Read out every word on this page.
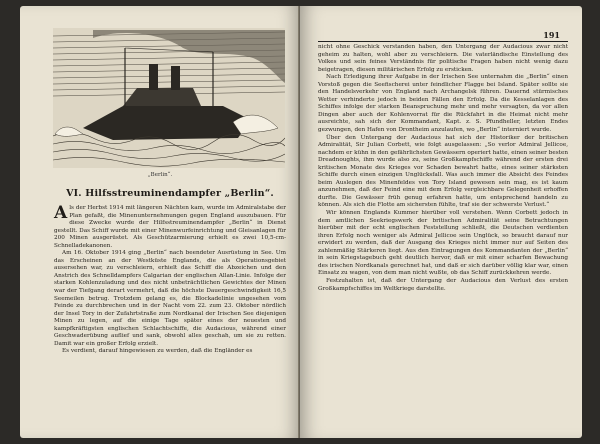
„Berlin“.
VI. Hilfsstreuminendampfer „Berlin“.

Als der Herbst 1914 mit längeren Nächten kam, wurde im Admiralstabe der Plan gefaßt, die Minenunternehmungen gegen England auszubauen. Für diese Zwecke wurde der Hilfsstreuminendampfer „Berlin“ in Dienst gestellt. Das Schiff wurde mit einer Minenwurfeinrichtung und Gleisanlagen für 200 Minen ausgerüstet. Als Geschützarmierung erhielt es zwei 10,5-cm-Schnelladekanonen.

Am 16. Oktober 1914 ging „Berlin“ nach beendeter Ausrüstung in See. Um das Erscheinen an der Westküste Englands, die als Operationsgebiet ausersehen war, zu verschleiern, erhielt das Schiff die Abzeichen und den Anstrich des Schnelldampfers Calgarian der englischen Allan-Linie. Infolge der starken Kohlenzuladung und des nicht unbeträchtlichen Gewichtes der Minen war der Tiefgang derart vermehrt, daß die höchste Dauergeschwindigkeit 16,5 Seemeilen betrug. Trotzdem gelang es, die Blockadelinie ungesehen vom Feinde zu durchbrechen und in der Nacht vom 22. zum 23. Oktober nördlich der Insel Tory in der Zufahrtstraße zum Nordkanal der Irischen See diejenigen Minen zu legen, auf die einige Tage später eines der neuesten und kampfkräftigsten englischen Schlachtschiffe, die Audacious, während einer Geschwaderübung auflief und sank, obwohl alles geschah, um sie zu retten. Damit war ein großer Erfolg erzielt.

Es verdient, darauf hingewiesen zu werden, daß die Engländer es

191

nicht ohne Geschick verstanden haben, den Untergang der Audacious zwar nicht geheim zu halten, wohl aber zu verschleiern. Die vaterländische Einstellung des Volkes und sein feines Verständnis für politische Fragen haben nicht wenig dazu beigetragen, diesen militärischen Erfolg zu ersticken.

Nach Erledigung ihrer Aufgabe in der Irischen See unternahm die „Berlin“ einen Vorstoß gegen die Seefischerei unter feindlicher Flagge bei Island. Später sollte sie den Handelsverkehr von England nach Archangelsk führen. Dauernd stürmisches Wetter verhinderte jedoch in beiden Fällen den Erfolg. Da die Kesselanlagen des Schiffes infolge der starken Beanspruchung mehr und mehr versagten, da vor allen Dingen aber auch der Kohlenvorrat für die Rückfahrt in die Heimat nicht mehr ausreichte, sah sich der Kommandant, Kapt. z. S. Pfundheller, letzten Endes gezwungen, den Hafen von Drontheim anzulaufen, wo „Berlin“ interniert wurde.

Über den Untergang der Audacious hat sich der Historiker der britischen Admiralität, Sir Julian Corbett, wie folgt ausgelassen: „So verlor Admiral Jellicoe, nachdem er kühn in den gefährlichsten Gewässern operiert hatte, einen seiner besten Dreadnoughts, ihm wurde also zu, seine Großkampfschiffe während der ersten drei kritischen Monate des Krieges vor Schaden bewahrt hatte, eines seiner stärksten Schiffe durch einen einzigen Unglücksfall. Was auch immer die Absicht des Feindes beim Auslegen des Minenfeldes von Tory Island gewesen sein mag, es ist kaum anzunehmen, daß der Feind eine mit dem Erfolg vergleichbare Gelegenheit erhoffen durfte. Die Gewässer früh genug erfahren hatte, um entsprechend handeln zu können. Als sich die Flotte am sichersten fühlte, traf sie der schwerste Verlust.“

Wir können Englands Kummer hierüber voll verstehen. Wenn Corbett jedoch in dem amtlichen Seekriegswerk der britischen Admiralität seine Betrachtungen hierüber mit der echt englischen Feststellung schließt, die Deutschen verdienten ihren Erfolg noch weniger als Admiral Jellicoe sein Unglück, so braucht darauf nur erwidert zu werden, daß der Ausgang des Krieges nicht immer nur auf Seiten des zahlenmäßig Stärkeren liegt. Aus den Eintragungen des Kommandanten der „Berlin“ in sein Kriegstagebuch geht deutlich hervor, daß er mit einer scharfen Bewachung des irischen Nordkanals gerechnet hat, und daß er sich darüber völlig klar war, einen Einsatz zu wagen, von dem man nicht wußte, ob das Schiff zurückkehren werde.

Festzuhalten ist, daß der Untergang der Audacious den Verlust des ersten Großkampfschiffes im Weltkriege darstellte.
